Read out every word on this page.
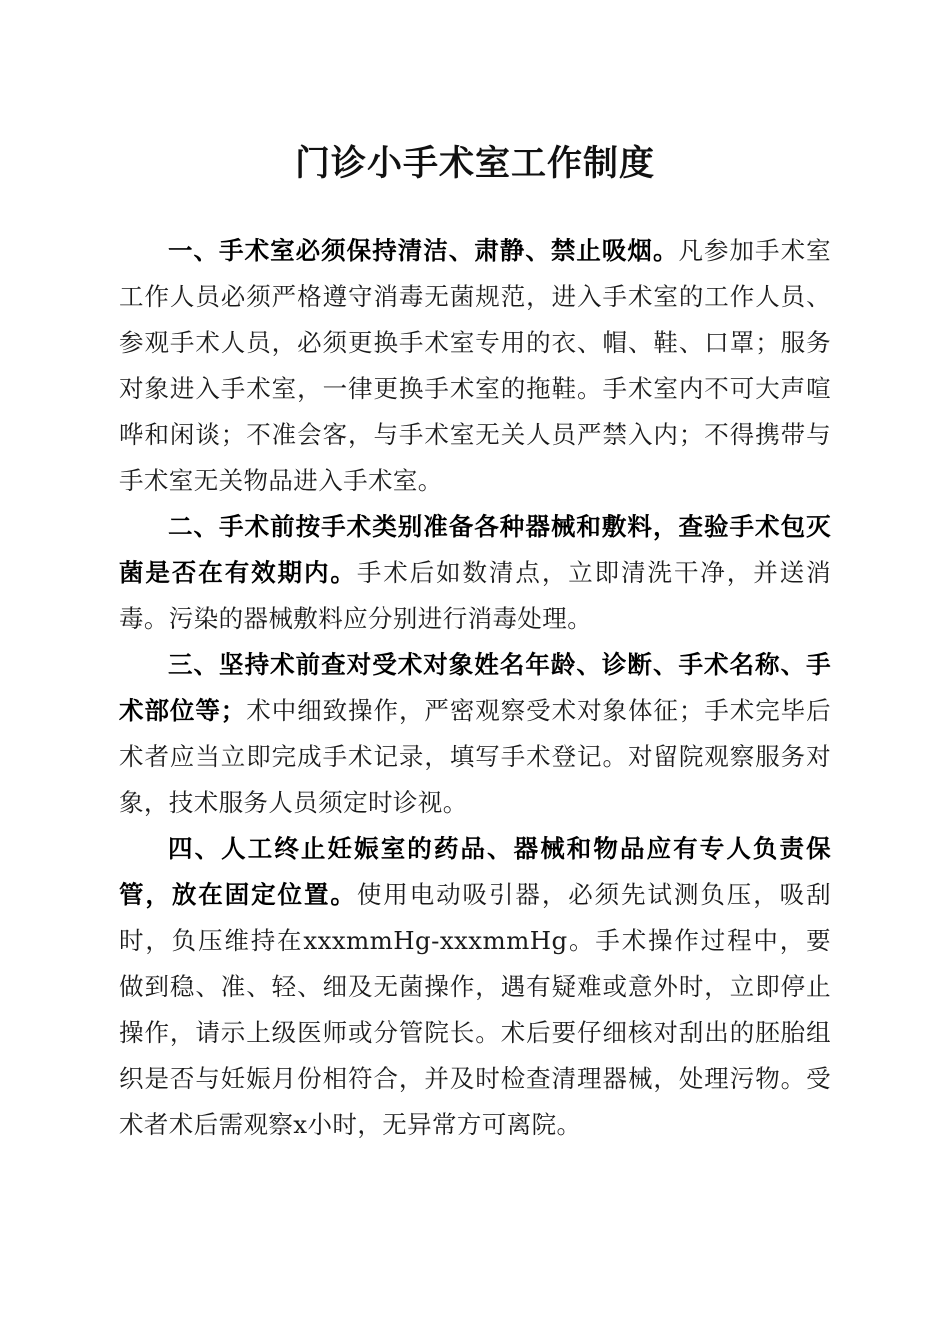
门诊小手术室工作制度

一、手术室必须保持清洁、肃静、禁止吸烟。凡参加手术室工作人员必须严格遵守消毒无菌规范，进入手术室的工作人员、参观手术人员，必须更换手术室专用的衣、帽、鞋、口罩；服务对象进入手术室，一律更换手术室的拖鞋。手术室内不可大声喧哗和闲谈；不准会客，与手术室无关人员严禁入内；不得携带与手术室无关物品进入手术室。

二、手术前按手术类别准备各种器械和敷料，查验手术包灭菌是否在有效期内。手术后如数清点，立即清洗干净，并送消毒。污染的器械敷料应分别进行消毒处理。

三、坚持术前查对受术对象姓名年龄、诊断、手术名称、手术部位等；术中细致操作，严密观察受术对象体征；手术完毕后术者应当立即完成手术记录，填写手术登记。对留院观察服务对象，技术服务人员须定时诊视。

四、人工终止妊娠室的药品、器械和物品应有专人负责保管，放在固定位置。使用电动吸引器，必须先试测负压，吸刮时，负压维持在xxxmmHg-xxxmmHg。手术操作过程中，要做到稳、准、轻、细及无菌操作，遇有疑难或意外时，立即停止操作，请示上级医师或分管院长。术后要仔细核对刮出的胚胎组织是否与妊娠月份相符合，并及时检查清理器械，处理污物。受术者术后需观察x小时，无异常方可离院。
